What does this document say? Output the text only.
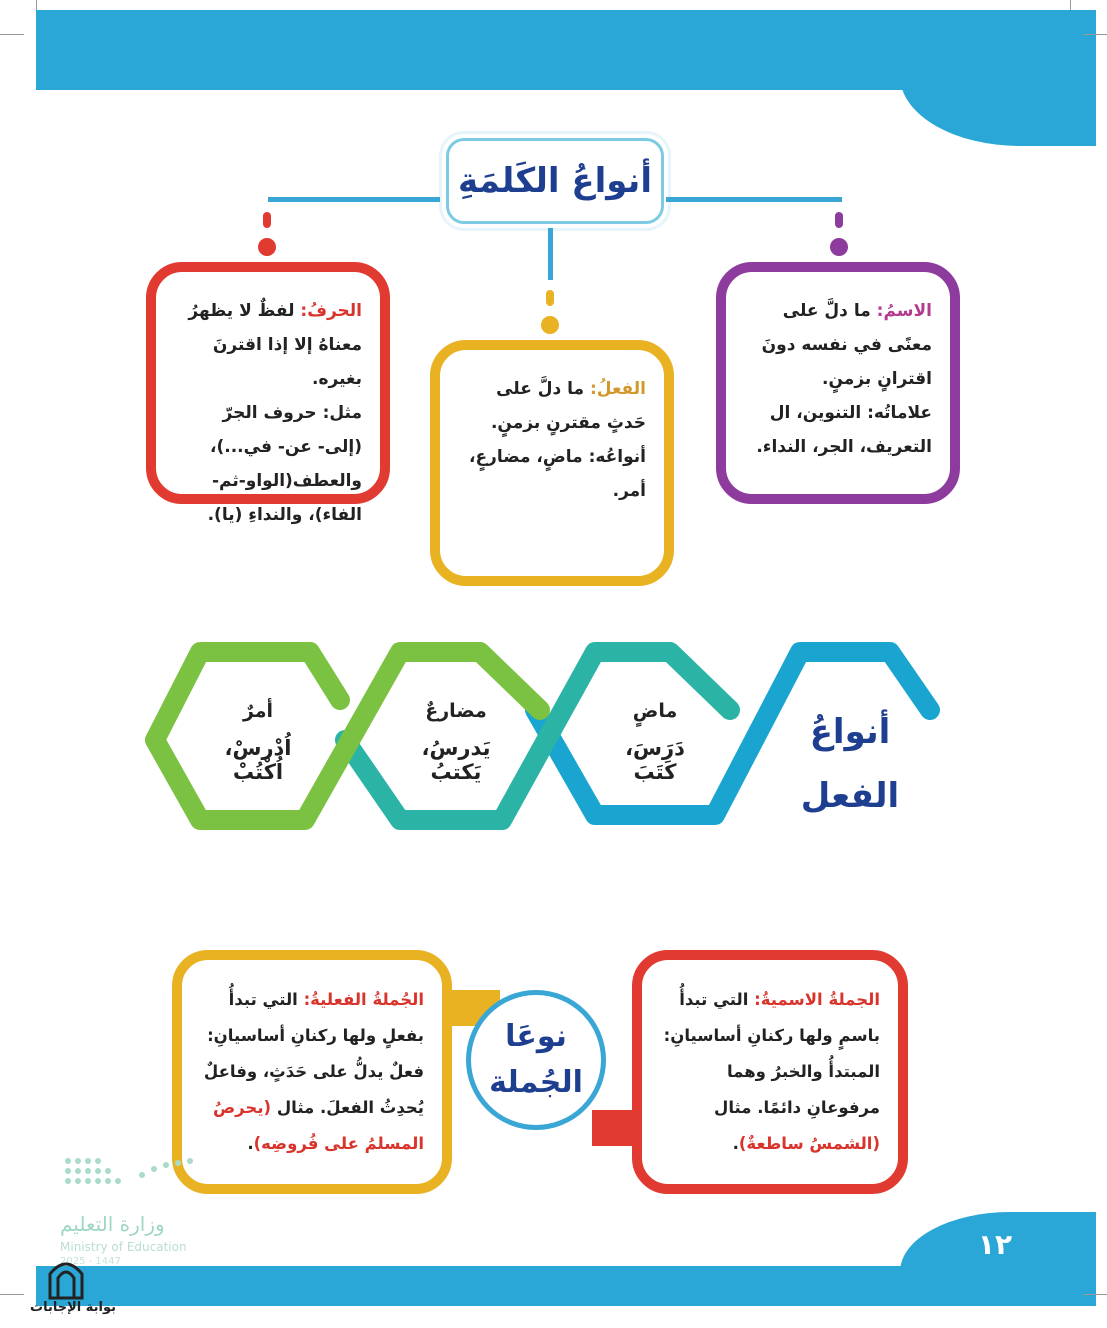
١٢
أنواعُ الكَلمَةِ
الحرفُ: لفظٌ لا يظهرُ معناهُ إلا إذا اقترنَ بغيره.
مثل: حروف الجرّ (إلى- عن- في...)، والعطف(الواو-ثم-الفاء)، والنداءِ (يا).
الفعلُ: ما دلَّ على حَدثٍ مقترنٍ بزمنٍ.
أنواعُه: ماضٍ، مضارعٍ، أمر.
الاسمُ: ما دلَّ على معنًى في نفسه دونَ اقترانٍ بزمنٍ.
علاماتُه: التنوين، ال التعريف، الجر، النداء.
أنواعُ
الفعل
ماضٍ
دَرَسَ، كَتَبَ
مضارعٌ
يَدرسُ، يَكتبُ
أمرٌ
اُدْرسْ، اُكْتُبْ
الجُملةُ الفعليةُ: التي تبدأُ بفعلٍ ولها ركنانِ أساسيانِ: فعلٌ يدلُّ على حَدَثٍ، وفاعلٌ يُحدِثُ الفعلَ. مثال (يحرصُ المسلمُ على فُروضِه).
الجملةُ الاسميةُ: التي تبدأُ باسمٍ ولها ركنانِ أساسيانِ: المبتدأُ والخبرُ وهما مرفوعانِ دائمًا. مثال (الشمسُ ساطعةٌ).
نوعَا
الجُملة
وزارة التعليم
Ministry of Education
2025 - 1447
بوابة الإجابات
